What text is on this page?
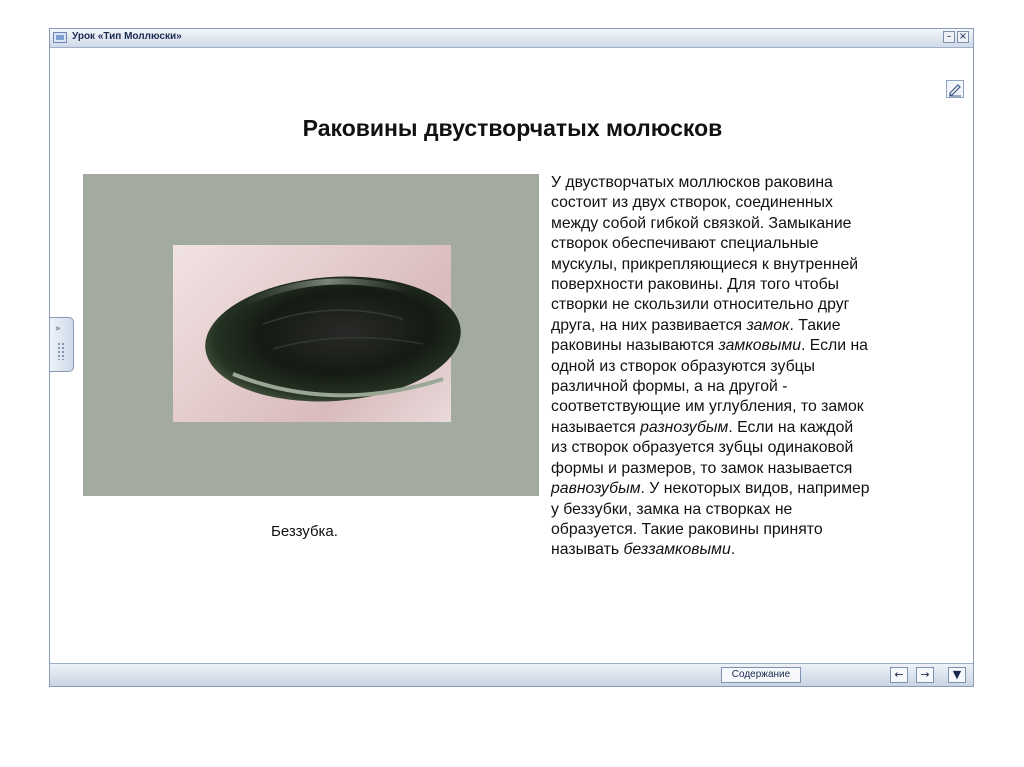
Урок «Тип Моллюски»	– ×
Раковины двустворчатых молюсков
Беззубка.
У двустворчатых моллюсков раковина
состоит из двух створок, соединенных
между собой гибкой связкой. Замыкание
створок обеспечивают специальные
мускулы, прикрепляющиеся к внутренней
поверхности раковины. Для того чтобы
створки не скользили относительно друг
друга, на них развивается замок. Такие
раковины называются замковыми. Если на
одной из створок образуются зубцы
различной формы, а на другой -
соответствующие им углубления, то замок
называется разнозубым. Если на каждой
из створок образуется зубцы одинаковой
формы и размеров, то замок называется
равнозубым. У некоторых видов, например
у беззубки, замка на створках не
образуется. Такие раковины принято
называть беззамковыми.
Содержание	←	→	▼
»
